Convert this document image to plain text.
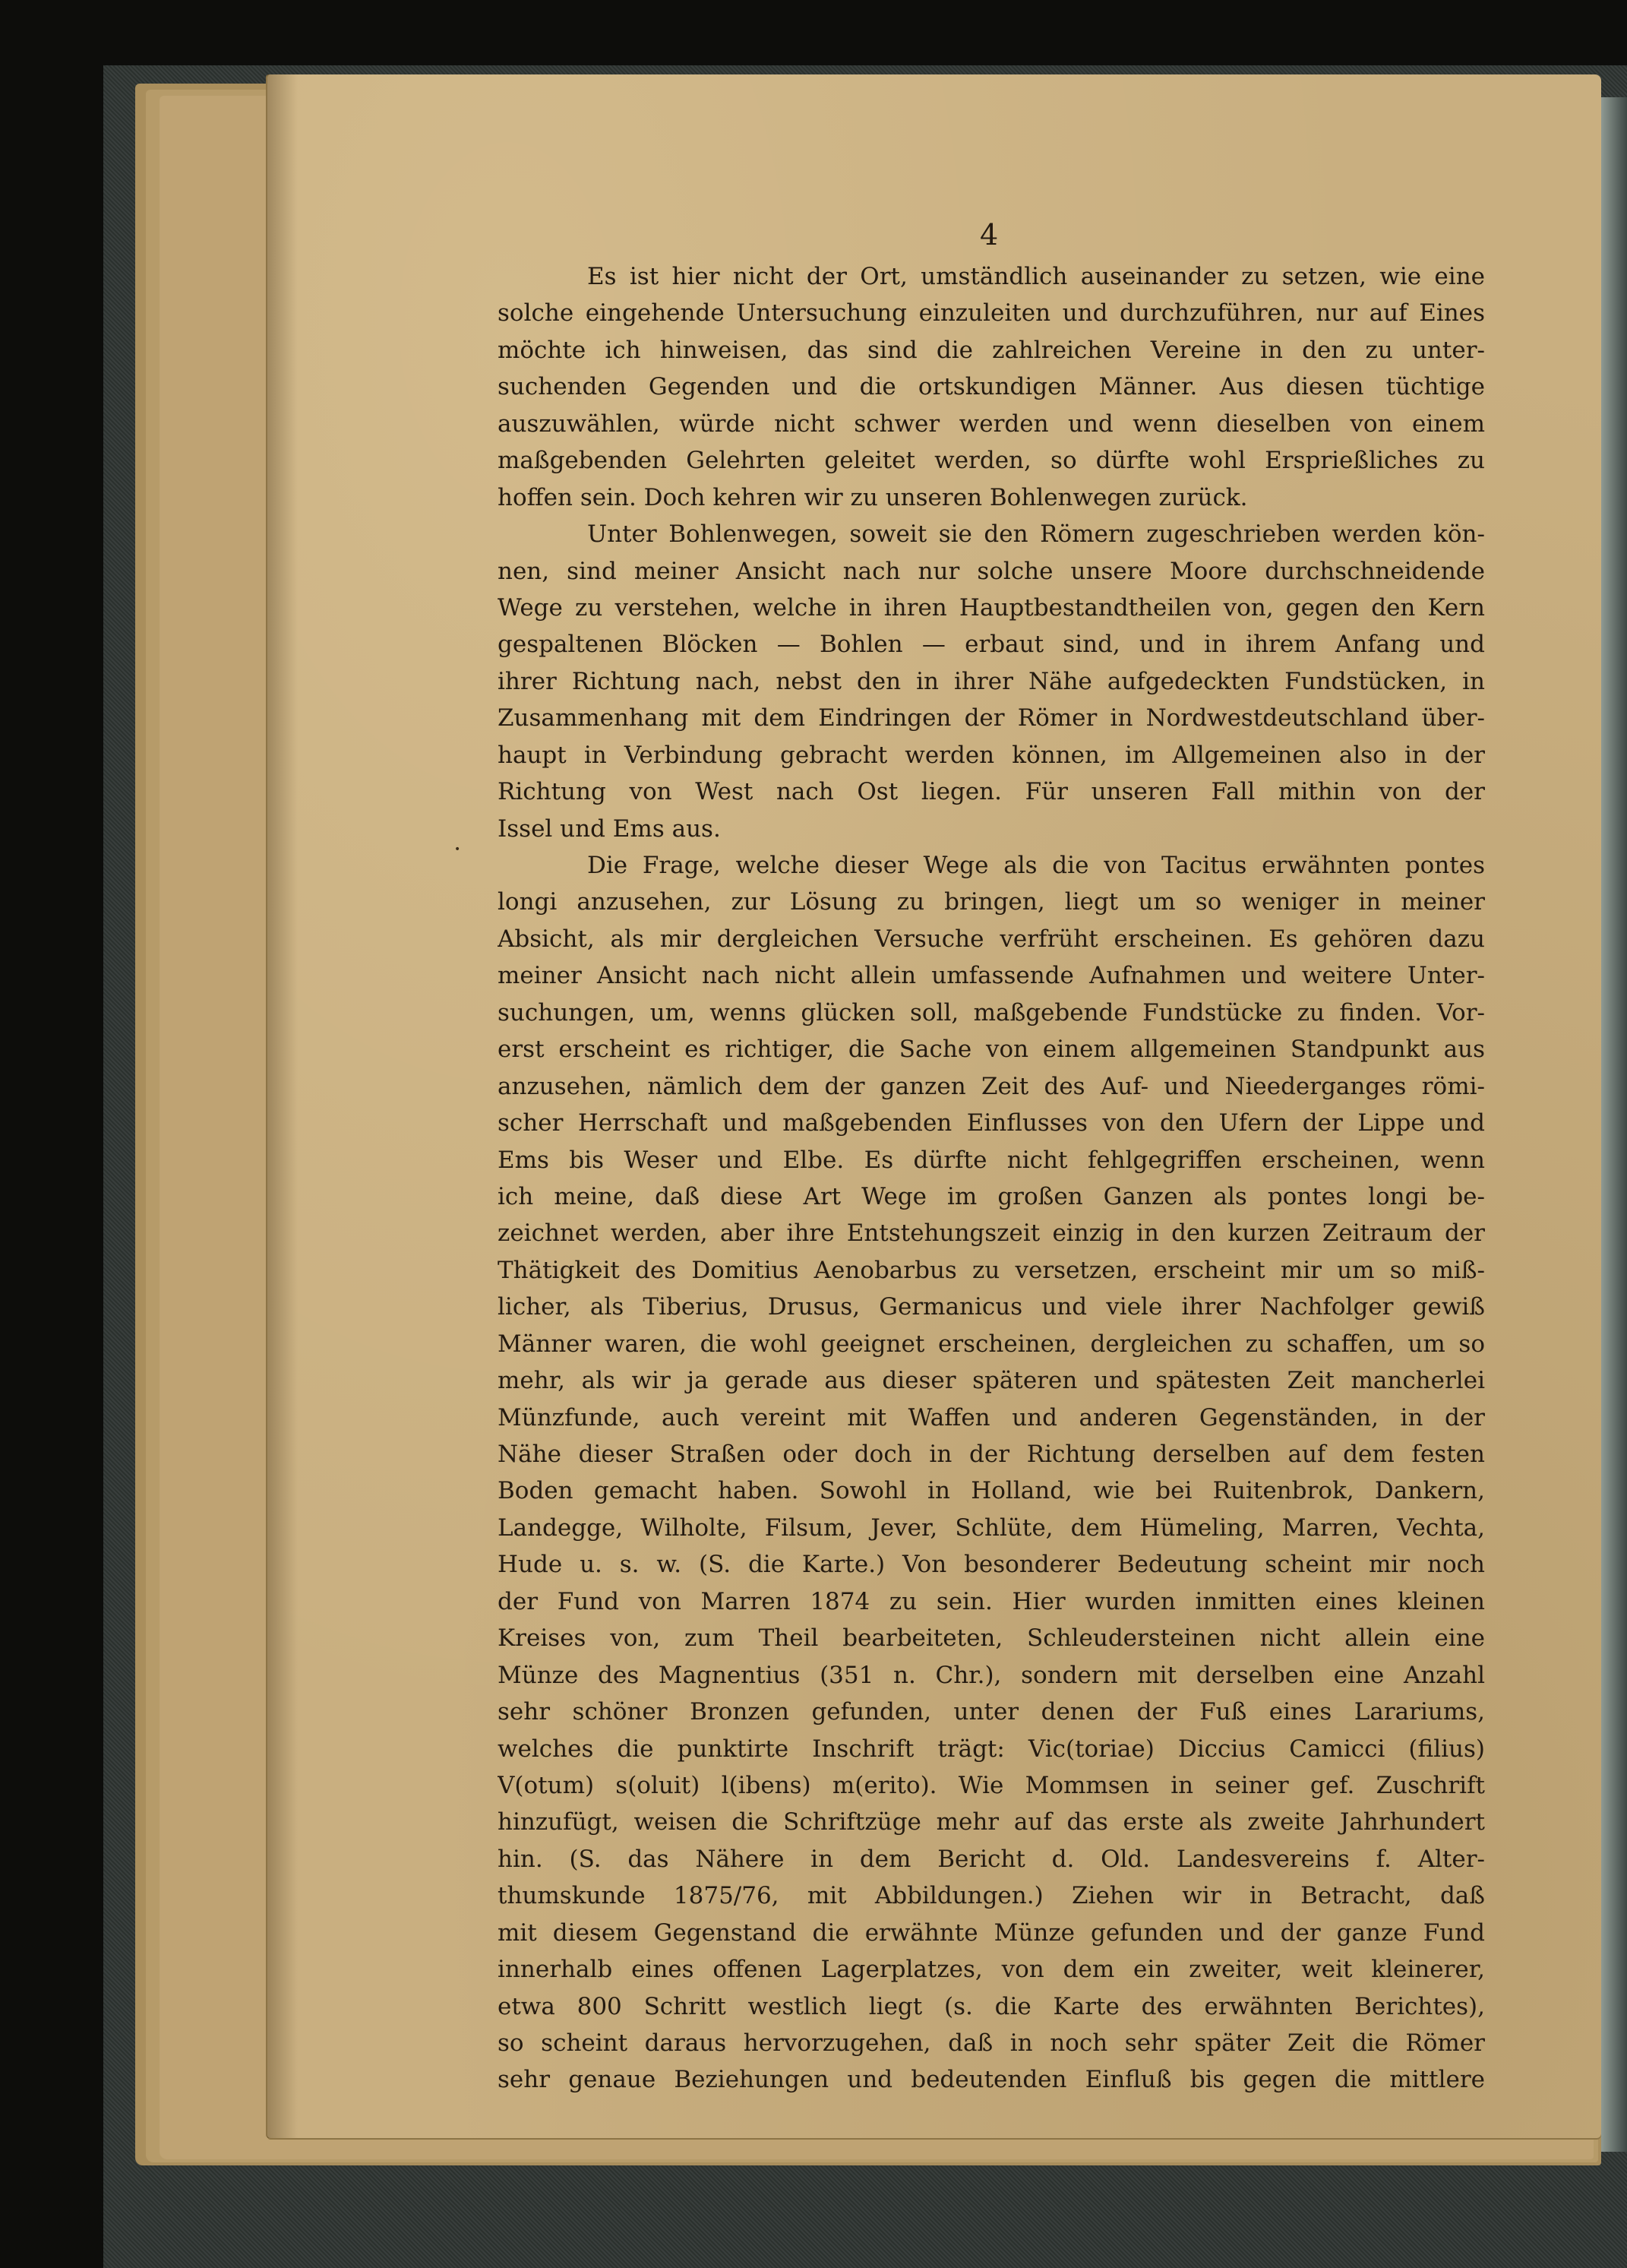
4
•
Es ist hier nicht der Ort, umständlich auseinander zu setzen, wie eine
solche eingehende Untersuchung einzuleiten und durchzuführen, nur auf Eines
möchte ich hinweisen, das sind die zahlreichen Vereine in den zu unter-
suchenden Gegenden und die ortskundigen Männer. Aus diesen tüchtige
auszuwählen, würde nicht schwer werden und wenn dieselben von einem
maßgebenden Gelehrten geleitet werden, so dürfte wohl Ersprießliches zu
hoffen sein. Doch kehren wir zu unseren Bohlenwegen zurück.
Unter Bohlenwegen, soweit sie den Römern zugeschrieben werden kön-
nen, sind meiner Ansicht nach nur solche unsere Moore durchschneidende
Wege zu verstehen, welche in ihren Hauptbestandtheilen von, gegen den Kern
gespaltenen Blöcken — Bohlen — erbaut sind, und in ihrem Anfang und
ihrer Richtung nach, nebst den in ihrer Nähe aufgedeckten Fundstücken, in
Zusammenhang mit dem Eindringen der Römer in Nordwestdeutschland über-
haupt in Verbindung gebracht werden können, im Allgemeinen also in der
Richtung von West nach Ost liegen. Für unseren Fall mithin von der
Issel und Ems aus.
Die Frage, welche dieser Wege als die von Tacitus erwähnten pontes
longi anzusehen, zur Lösung zu bringen, liegt um so weniger in meiner
Absicht, als mir dergleichen Versuche verfrüht erscheinen. Es gehören dazu
meiner Ansicht nach nicht allein umfassende Aufnahmen und weitere Unter-
suchungen, um, wenns glücken soll, maßgebende Fundstücke zu finden. Vor-
erst erscheint es richtiger, die Sache von einem allgemeinen Standpunkt aus
anzusehen, nämlich dem der ganzen Zeit des Auf- und Nieederganges römi-
scher Herrschaft und maßgebenden Einflusses von den Ufern der Lippe und
Ems bis Weser und Elbe. Es dürfte nicht fehlgegriffen erscheinen, wenn
ich meine, daß diese Art Wege im großen Ganzen als pontes longi be-
zeichnet werden, aber ihre Entstehungszeit einzig in den kurzen Zeitraum der
Thätigkeit des Domitius Aenobarbus zu versetzen, erscheint mir um so miß-
licher, als Tiberius, Drusus, Germanicus und viele ihrer Nachfolger gewiß
Männer waren, die wohl geeignet erscheinen, dergleichen zu schaffen, um so
mehr, als wir ja gerade aus dieser späteren und spätesten Zeit mancherlei
Münzfunde, auch vereint mit Waffen und anderen Gegenständen, in der
Nähe dieser Straßen oder doch in der Richtung derselben auf dem festen
Boden gemacht haben. Sowohl in Holland, wie bei Ruitenbrok, Dankern,
Landegge, Wilholte, Filsum, Jever, Schlüte, dem Hümeling, Marren, Vechta,
Hude u. s. w. (S. die Karte.) Von besonderer Bedeutung scheint mir noch
der Fund von Marren 1874 zu sein. Hier wurden inmitten eines kleinen
Kreises von, zum Theil bearbeiteten, Schleudersteinen nicht allein eine
Münze des Magnentius (351 n. Chr.), sondern mit derselben eine Anzahl
sehr schöner Bronzen gefunden, unter denen der Fuß eines Larariums,
welches die punktirte Inschrift trägt: Vic(toriae) Diccius Camicci (filius)
V(otum) s(oluit) l(ibens) m(erito). Wie Mommsen in seiner gef. Zuschrift
hinzufügt, weisen die Schriftzüge mehr auf das erste als zweite Jahrhundert
hin. (S. das Nähere in dem Bericht d. Old. Landesvereins f. Alter-
thumskunde 1875/76, mit Abbildungen.) Ziehen wir in Betracht, daß
mit diesem Gegenstand die erwähnte Münze gefunden und der ganze Fund
innerhalb eines offenen Lagerplatzes, von dem ein zweiter, weit kleinerer,
etwa 800 Schritt westlich liegt (s. die Karte des erwähnten Berichtes),
so scheint daraus hervorzugehen, daß in noch sehr später Zeit die Römer
sehr genaue Beziehungen und bedeutenden Einfluß bis gegen die mittlere
